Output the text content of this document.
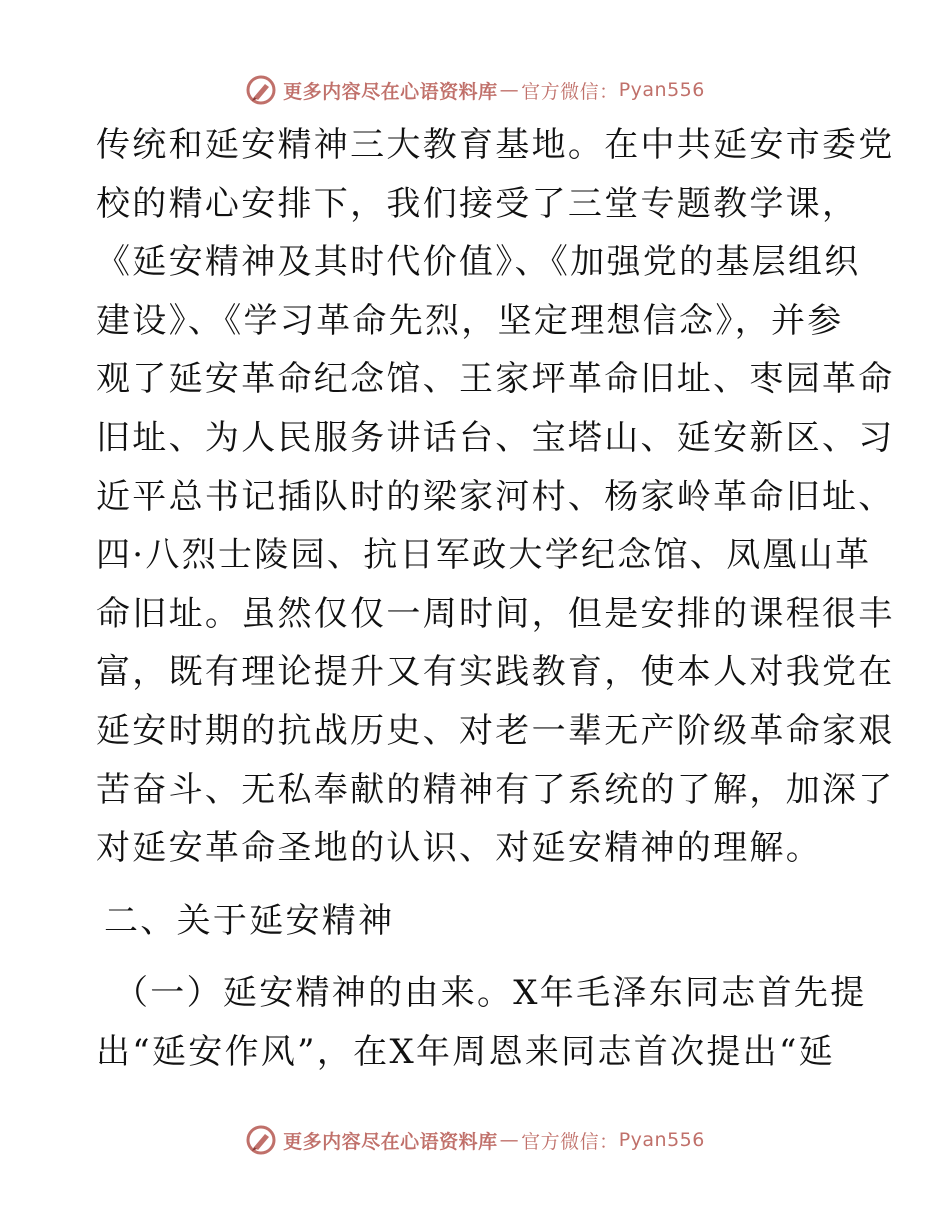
更多内容尽在心语资料库 — 官方微信： Pyan556
传统和延安精神三大教育基地。在中共延安市委党
校的精心安排下，我们接受了三堂专题教学课，
《延安精神及其时代价值》、《加强党的基层组织
建设》、《学习革命先烈，坚定理想信念》，并参
观了延安革命纪念馆、王家坪革命旧址、枣园革命
旧址、为人民服务讲话台、宝塔山、延安新区、习
近平总书记插队时的梁家河村、杨家岭革命旧址、
四·八烈士陵园、抗日军政大学纪念馆、凤凰山革
命旧址。虽然仅仅一周时间，但是安排的课程很丰
富，既有理论提升又有实践教育，使本人对我党在
延安时期的抗战历史、对老一辈无产阶级革命家艰
苦奋斗、无私奉献的精神有了系统的了解，加深了
对延安革命圣地的认识、对延安精神的理解。
二、关于延安精神
（一）延安精神的由来。X年毛泽东同志首先提
出“延安作风”，在X年周恩来同志首次提出“延
更多内容尽在心语资料库 — 官方微信： Pyan556
